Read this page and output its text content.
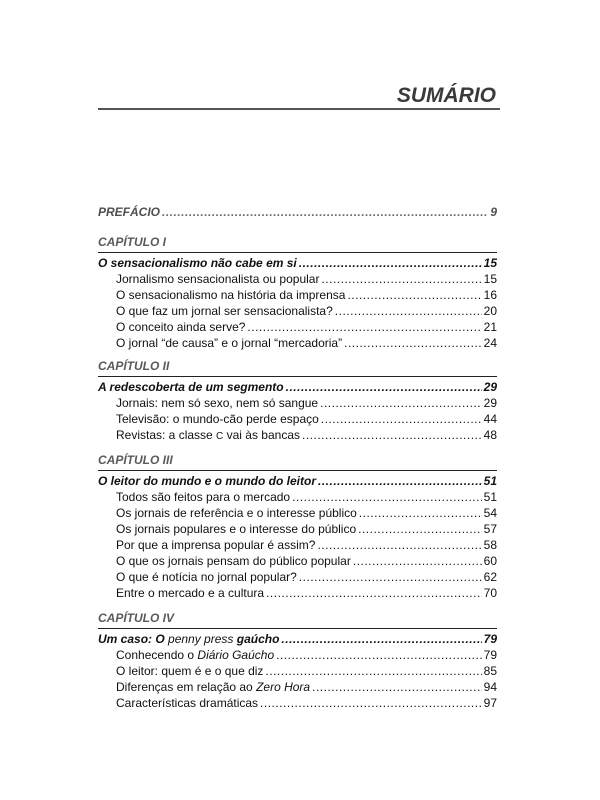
SUMÁRIO
PREFÁCIO .....	9
CAPÍTULO I
O sensacionalismo não cabe em si .....	15
Jornalismo sensacionalista ou popular .....	15
O sensacionalismo na história da imprensa .....	16
O que faz um jornal ser sensacionalista? .....	20
O conceito ainda serve? .....	21
O jornal “de causa” e o jornal “mercadoria” .....	24
CAPÍTULO II
A redescoberta de um segmento .....	29
Jornais: nem só sexo, nem só sangue .....	29
Televisão: o mundo-cão perde espaço .....	44
Revistas: a classe C vai às bancas .....	48
CAPÍTULO III
O leitor do mundo e o mundo do leitor .....	51
Todos são feitos para o mercado .....	51
Os jornais de referência e o interesse público .....	54
Os jornais populares e o interesse do público .....	57
Por que a imprensa popular é assim? .....	58
O que os jornais pensam do público popular .....	60
O que é notícia no jornal popular? .....	62
Entre o mercado e a cultura .....	70
CAPÍTULO IV
Um caso: O penny press gaúcho .....	79
Conhecendo o Diário Gaúcho .....	79
O leitor: quem é e o que diz .....	85
Diferenças em relação ao Zero Hora .....	94
Características dramáticas .....	97
